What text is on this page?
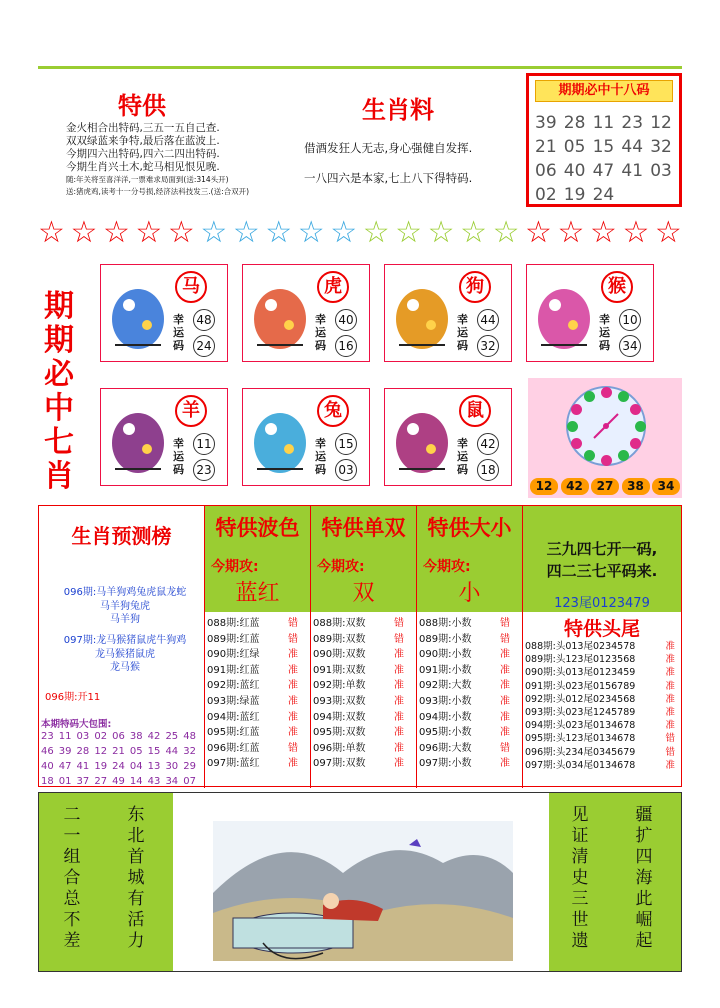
特供
金火相合出特码,三五一五自己查.
双双绿蓝来争特,最后落在蓝波上.
今期四六出特码,四六二四出特码.
今期生肖兴土木,蛇马相见恨见晚.
随:年关将至喜洋洋,一票难求局面到(送:314头开)
送:猪虎鸡,读考十一分号损,经济法科技发三.(送:合双开)
生肖料
借酒发狂人无志,身心强健自发挥.
一八四六是本家,七上八下得特码.
期期必中十八码
39 28 11 23 12
21 05 15 44 32
06 40 47 41 03
02 19 24
☆ ☆ ☆ ☆ ☆ ☆ ☆ ☆ ☆ ☆ ☆ ☆ ☆ ☆ ☆ ☆ ☆ ☆ ☆ ☆
期
期
必
中
七
肖
马
幸
运
码
48
24
虎
幸
运
码
40
16
狗
幸
运
码
44
32
猴
幸
运
码
10
34
羊
幸
运
码
11
23
兔
幸
运
码
15
03
鼠
幸
运
码
42
18
12	42	27	38	34
生肖预测榜
096期:马羊狗鸡兔虎鼠龙蛇
马羊狗兔虎
马羊狗
097期:龙马猴猪鼠虎牛狗鸡
龙马猴猪鼠虎
龙马猴
096期:开11
本期特码大包围:
23 11 03 02 06 38 42 25 48
46 39 28 12 21 05 15 44 32
40 47 41 19 24 04 13 30 29
18 01 37 27 49 14 43 34 07
特供波色
今期攻:
蓝红
088期:红蓝	错
089期:红蓝	错
090期:红绿	准
091期:红蓝	准
092期:蓝红	准
093期:绿蓝	准
094期:蓝红	准
095期:红蓝	准
096期:红蓝	错
097期:蓝红	准
特供单双
今期攻:
双
088期:双数	错
089期:双数	错
090期:双数	准
091期:双数	准
092期:单数	准
093期:双数	准
094期:双数	准
095期:双数	准
096期:单数	准
097期:双数	准
特供大小
今期攻:
小
088期:小数	错
089期:小数	错
090期:小数	准
091期:小数	准
092期:大数	准
093期:小数	准
094期:小数	准
095期:小数	准
096期:大数	错
097期:小数	准
三九四七开一码,
四二三七平码来.
123尾0123479
特供头尾
088期:头013尾0234578	准
089期:头123尾0123568	准
090期:头013尾0123459	准
091期:头023尾0156789	准
092期:头012尾0234568	准
093期:头023尾1245789	准
094期:头023尾0134678	准
095期:头123尾0134678	错
096期:头234尾0345679	错
097期:头034尾0134678	准
二
一
组
合
总
不
差
东
北
首
城
有
活
力
见
证
清
史
三
世
遗
疆
扩
四
海
此
崛
起
